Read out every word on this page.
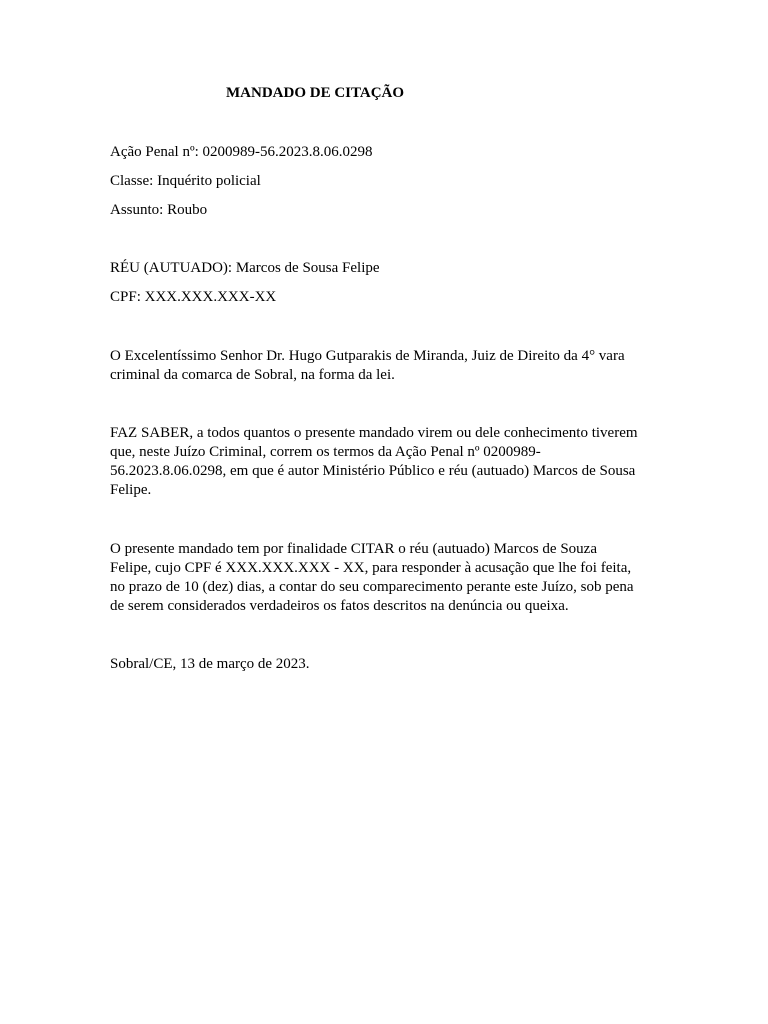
MANDADO DE CITAÇÃO
Ação Penal nº: 0200989-56.2023.8.06.0298
Classe: Inquérito policial
Assunto: Roubo
RÉU (AUTUADO): Marcos de Sousa Felipe
CPF: XXX.XXX.XXX-XX
O Excelentíssimo Senhor Dr. Hugo Gutparakis de Miranda, Juiz de Direito da 4° vara
criminal da comarca de Sobral, na forma da lei.
FAZ SABER, a todos quantos o presente mandado virem ou dele conhecimento tiverem
que, neste Juízo Criminal, correm os termos da Ação Penal nº 0200989-
56.2023.8.06.0298, em que é autor Ministério Público e réu (autuado) Marcos de Sousa
Felipe.
O presente mandado tem por finalidade CITAR o réu (autuado) Marcos de Souza
Felipe, cujo CPF é XXX.XXX.XXX - XX, para responder à acusação que lhe foi feita,
no prazo de 10 (dez) dias, a contar do seu comparecimento perante este Juízo, sob pena
de serem considerados verdadeiros os fatos descritos na denúncia ou queixa.
Sobral/CE, 13 de março de 2023.
